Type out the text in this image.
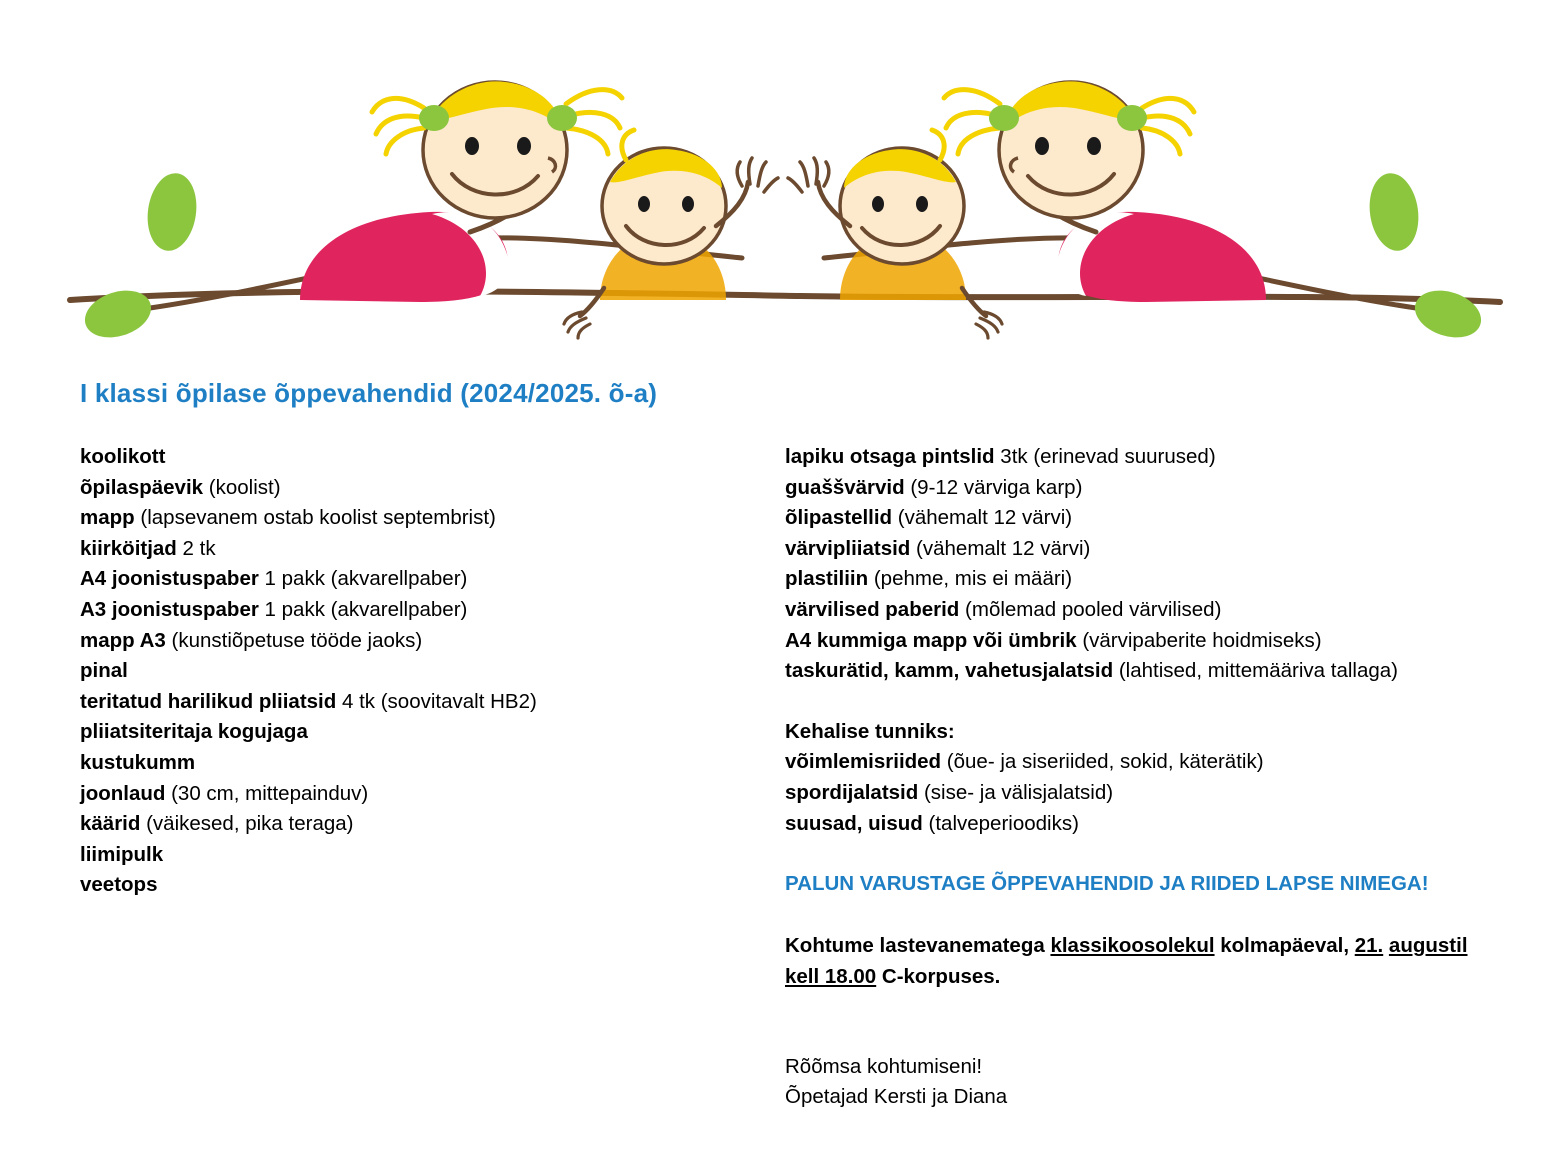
I klassi õpilase õppevahendid (2024/2025. õ-a)
koolikott
õpilaspäevik (koolist)
mapp (lapsevanem ostab koolist septembrist)
kiirköitjad 2 tk
A4 joonistuspaber 1 pakk (akvarellpaber)
A3 joonistuspaber 1 pakk (akvarellpaber)
mapp A3 (kunstiõpetuse tööde jaoks)
pinal
teritatud harilikud pliiatsid 4 tk (soovitavalt HB2)
pliiatsiteritaja kogujaga
kustukumm
joonlaud (30 cm, mittepainduv)
käärid (väikesed, pika teraga)
liimipulk
veetops
lapiku otsaga pintslid 3tk (erinevad suurused)
guaššvärvid (9-12 värviga karp)
õlipastellid (vähemalt 12 värvi)
värvipliiatsid (vähemalt 12 värvi)
plastiliin (pehme, mis ei määri)
värvilised paberid (mõlemad pooled värvilised)
A4 kummiga mapp või ümbrik (värvipaberite hoidmiseks)
taskurätid, kamm, vahetusjalatsid (lahtised, mittemääriva tallaga)
Kehalise tunniks:
võimlemisriided (õue- ja siseriided, sokid, käterätik)
spordijalatsid (sise- ja välisjalatsid)
suusad, uisud (talveperioodiks)
PALUN VARUSTAGE ÕPPEVAHENDID JA RIIDED LAPSE NIMEGA!
Kohtume lastevanematega klassikoosolekul kolmapäeval, 21. augustil kell 18.00 C-korpuses.
Rõõmsa kohtumiseni!
Õpetajad Kersti ja Diana
